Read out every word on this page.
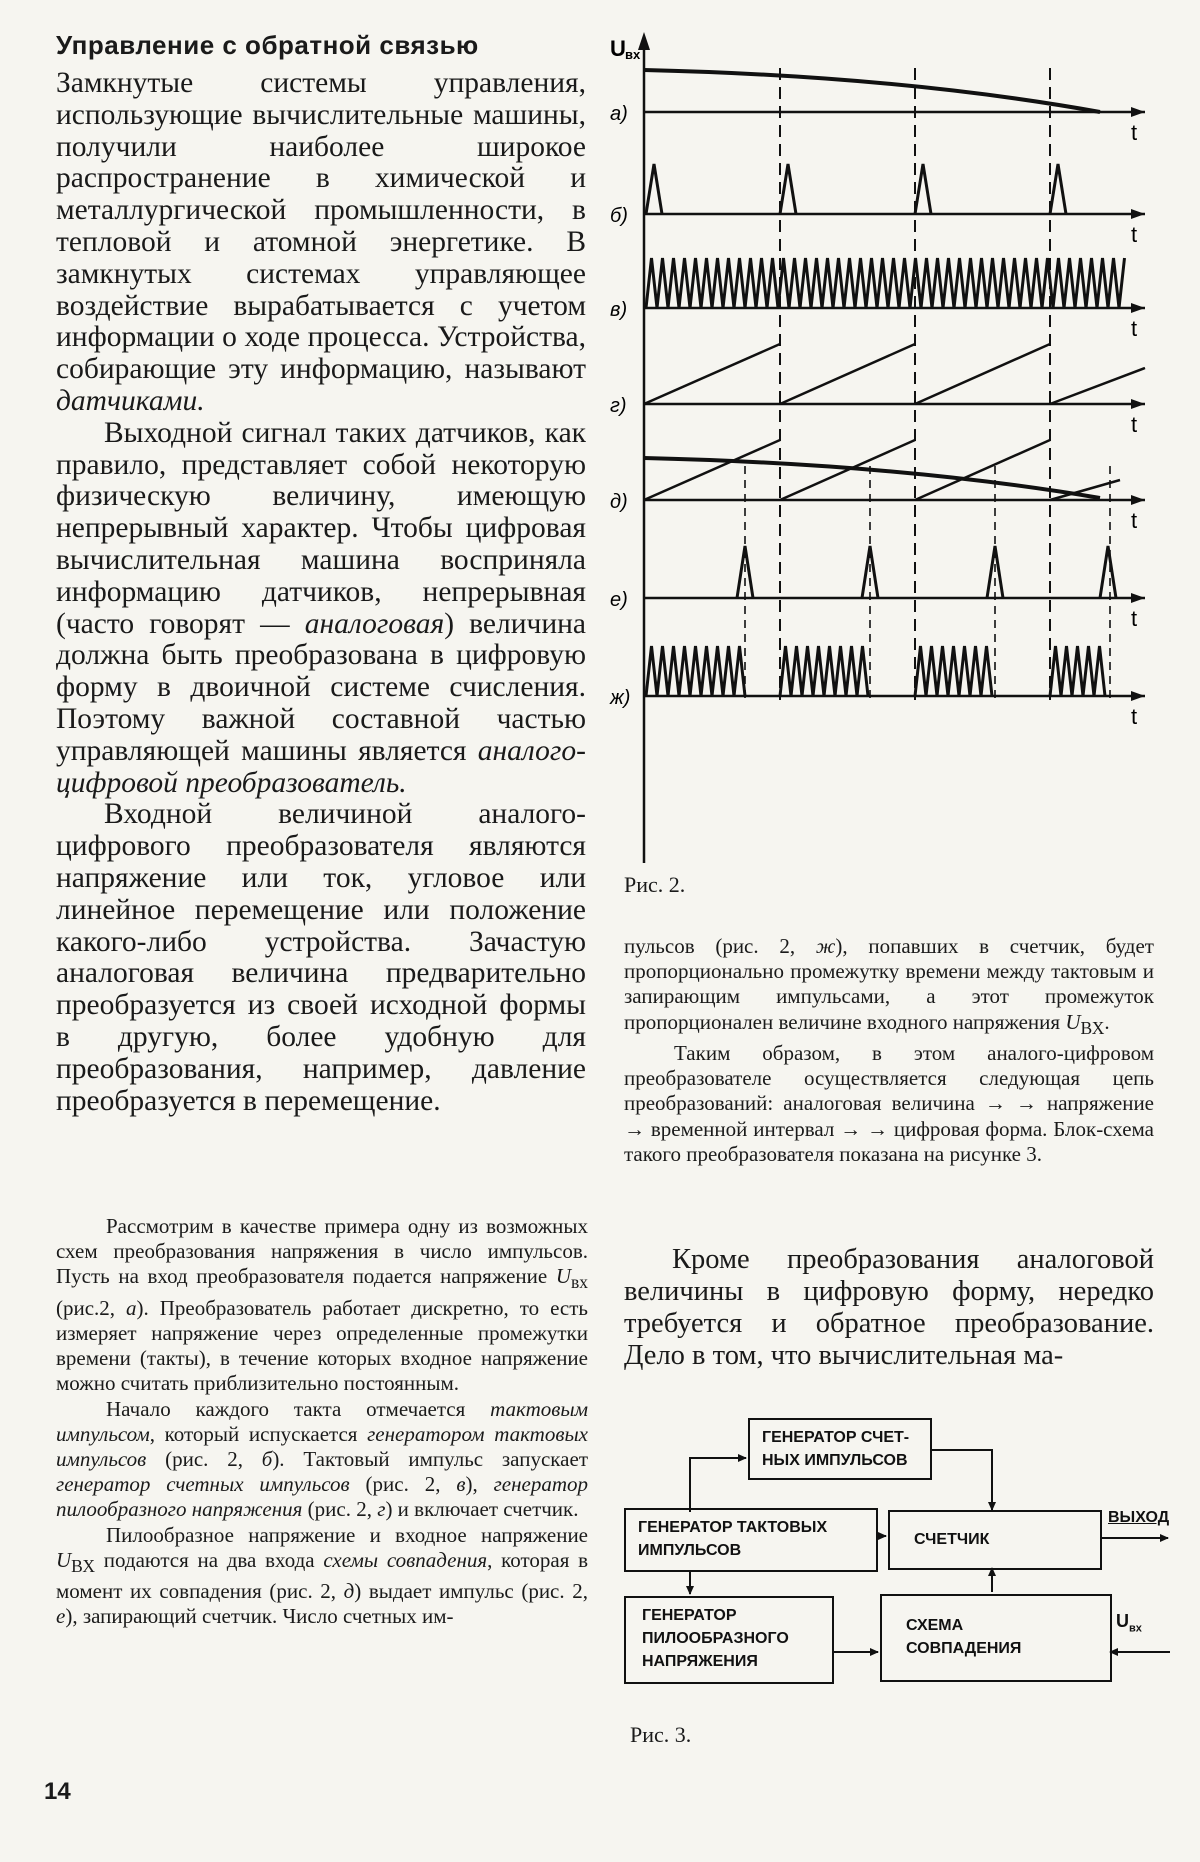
Управление с обратной связью

Замкнутые системы управления, использующие вычислительные машины, получили наиболее широкое распространение в химической и металлургической промышленности, в тепловой и атомной энергетике. В замкнутых системах управляющее воздействие вырабатывается с учетом информации о ходе процесса. Устройства, собирающие эту информацию, называют датчиками.

Выходной сигнал таких датчиков, как правило, представляет собой некоторую физическую величину, имеющую непрерывный характер. Чтобы цифровая вычислительная машина восприняла информацию датчиков, непрерывная (часто говорят — аналоговая) величина должна быть преобразована в цифровую форму в двоичной системе счисления. Поэтому важной составной частью управляющей машины является аналого-цифровой преобразователь.

Входной величиной аналого-цифрового преобразователя являются напряжение или ток, угловое или линейное перемещение или положение какого-либо устройства. Зачастую аналоговая величина предварительно преобразуется из своей исходной формы в другую, более удобную для преобразования, например, давление преобразуется в перемещение.

Рассмотрим в качестве примера одну из возможных схем преобразования напряжения в число импульсов. Пусть на вход преобразователя подается напряжение $U_{вх}$ (рис.2, а). Преобразователь работает дискретно, то есть измеряет напряжение через определенные промежутки времени (такты), в течение которых входное напряжение можно считать приблизительно постоянным.

Начало каждого такта отмечается тактовым импульсом, который испускается генератором тактовых импульсов (рис. 2, б). Тактовый импульс запускает генератор счетных импульсов (рис. 2, в), генератор пилообразного напряжения (рис. 2, г) и включает счетчик.

Пилообразное напряжение и входное напряжение $U_{ВХ}$ подаются на два входа схемы совпадения, которая в момент их совпадения (рис. 2, д) выдает импульс (рис. 2, е), запирающий счетчик. Число счетных им-

U вх
t
а)
t
б)
t
в)
t
г)
t
д)
t
е)
t
ж)
Рис. 2.

пульсов (рис. 2, ж), попавших в счетчик, будет пропорционально промежутку времени между тактовым и запирающим импульсами, а этот промежуток пропорционален величине входного напряжения $U_{ВХ}$.

Таким образом, в этом аналого-цифровом преобразователе осуществляется следующая цепь преобразований: аналоговая величина → → напряжение → временной интервал → → цифровая форма. Блок-схема такого преобразователя показана на рисунке 3.

Кроме преобразования аналоговой величины в цифровую форму, нередко требуется и обратное преобразование. Дело в том, что вычислительная ма-

ГЕНЕРАТОР СЧЕТ-
НЫХ ИМПУЛЬСОВ
ГЕНЕРАТОР ТАКТОВЫХ
ИМПУЛЬСОВ
СЧЕТЧИК
ВЫХОД
ГЕНЕРАТОР
ПИЛООБРАЗНОГО
НАПРЯЖЕНИЯ
СХЕМА
СОВПАДЕНИЯ
$U_{вх}$
Рис. 3.
14
